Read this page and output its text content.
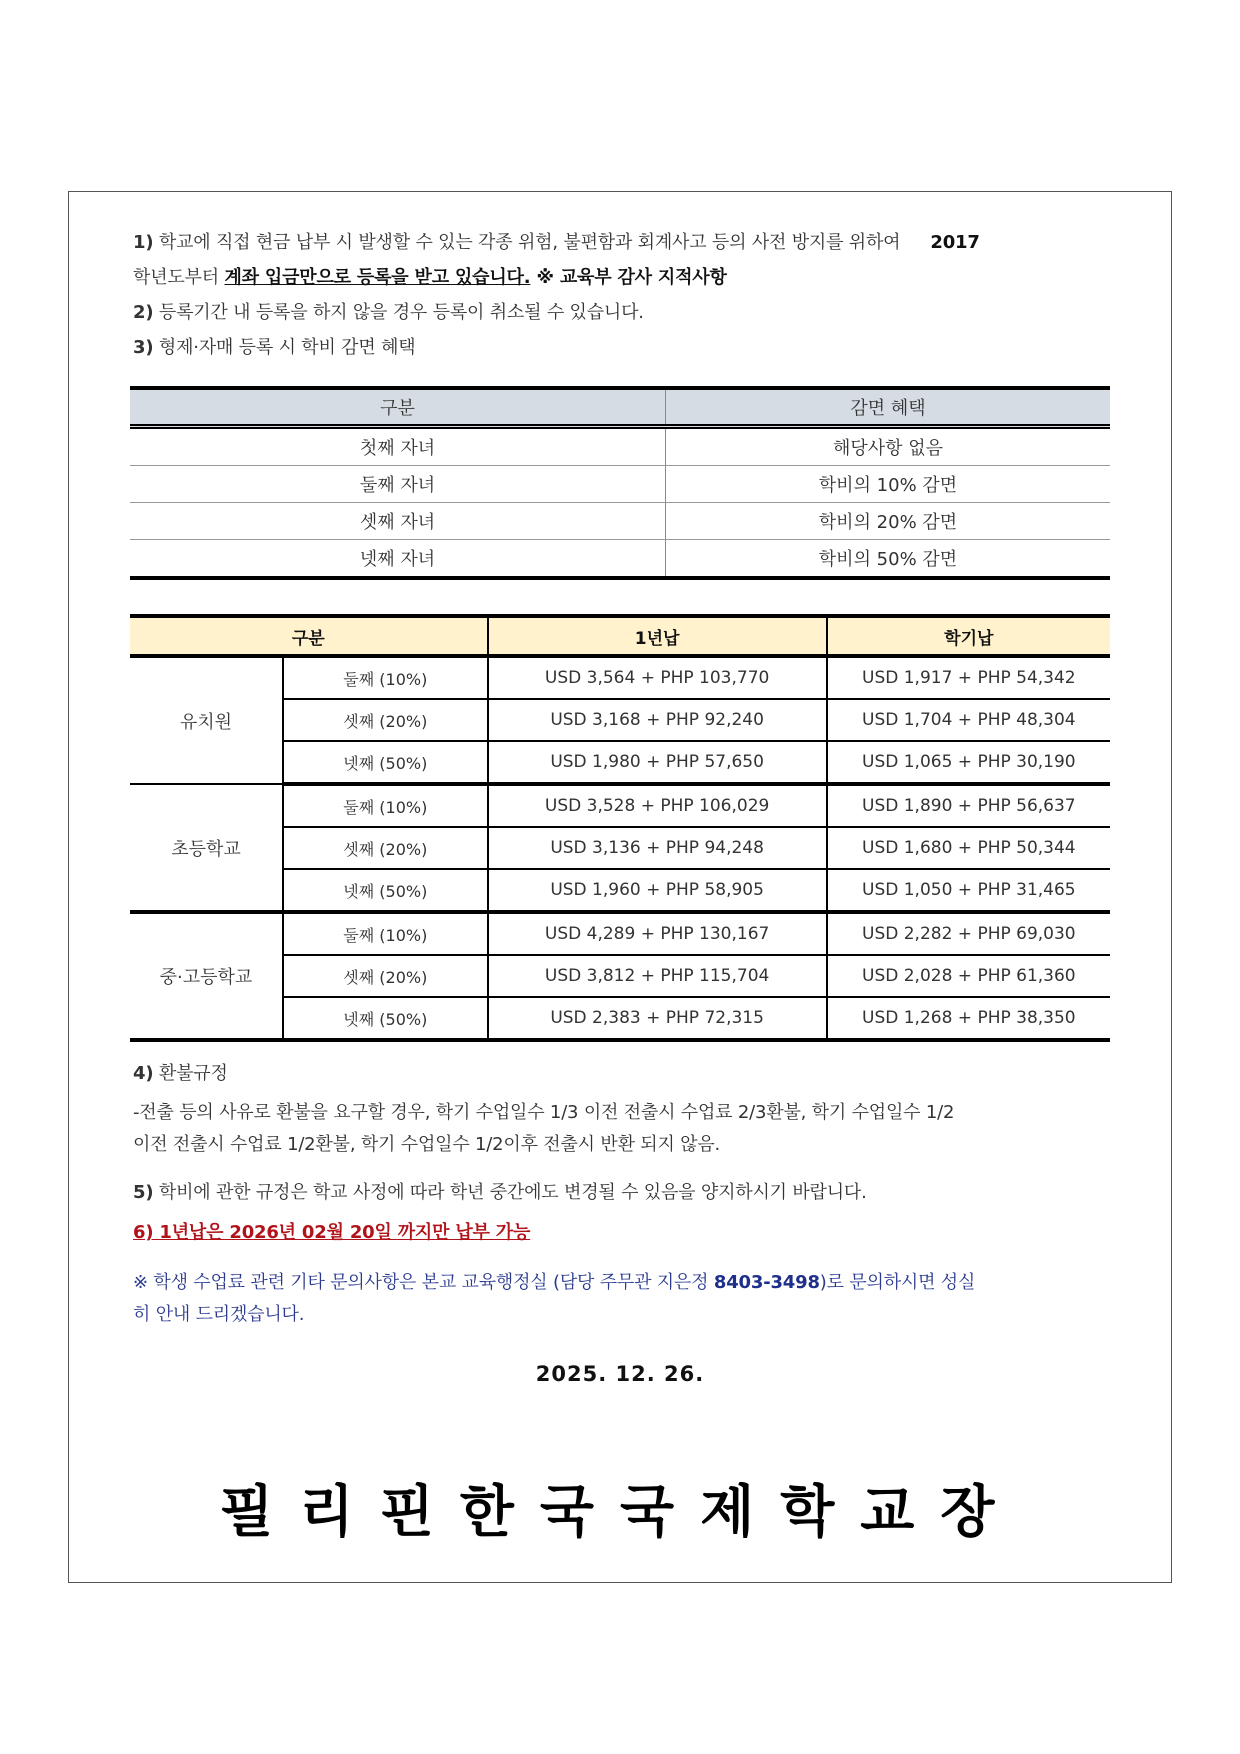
1) 학교에 직접 현금 납부 시 발생할 수 있는 각종 위험, 불편함과 회계사고 등의 사전 방지를 위하여 2017
학년도부터 계좌 입금만으로 등록을 받고 있습니다. ※ 교육부 감사 지적사항
2) 등록기간 내 등록을 하지 않을 경우 등록이 취소될 수 있습니다.
3) 형제·자매 등록 시 학비 감면 혜택
구분	감면 혜택
첫째 자녀	해당사항 없음
둘째 자녀	학비의 10% 감면
셋째 자녀	학비의 20% 감면
넷째 자녀	학비의 50% 감면
구분		1년납	학기납
유치원	둘째 (10%)	USD 3,564 + PHP 103,770	USD 1,917 + PHP 54,342
	셋째 (20%)	USD 3,168 + PHP 92,240	USD 1,704 + PHP 48,304
	넷째 (50%)	USD 1,980 + PHP 57,650	USD 1,065 + PHP 30,190
초등학교	둘째 (10%)	USD 3,528 + PHP 106,029	USD 1,890 + PHP 56,637
	셋째 (20%)	USD 3,136 + PHP 94,248	USD 1,680 + PHP 50,344
	넷째 (50%)	USD 1,960 + PHP 58,905	USD 1,050 + PHP 31,465
중·고등학교	둘째 (10%)	USD 4,289 + PHP 130,167	USD 2,282 + PHP 69,030
	셋째 (20%)	USD 3,812 + PHP 115,704	USD 2,028 + PHP 61,360
	넷째 (50%)	USD 2,383 + PHP 72,315	USD 1,268 + PHP 38,350
4) 환불규정
-전출 등의 사유로 환불을 요구할 경우, 학기 수업일수 1/3 이전 전출시 수업료 2/3환불, 학기 수업일수 1/2
이전 전출시 수업료 1/2환불, 학기 수업일수 1/2이후 전출시 반환 되지 않음.
5) 학비에 관한 규정은 학교 사정에 따라 학년 중간에도 변경될 수 있음을 양지하시기 바랍니다.
6) 1년납은 2026년 02월 20일 까지만 납부 가능
※ 학생 수업료 관련 기타 문의사항은 본교 교육행정실 (담당 주무관 지은정 8403-3498)로 문의하시면 성실
히 안내 드리겠습니다.
2025. 12. 26.
필리핀한국국제학교장
